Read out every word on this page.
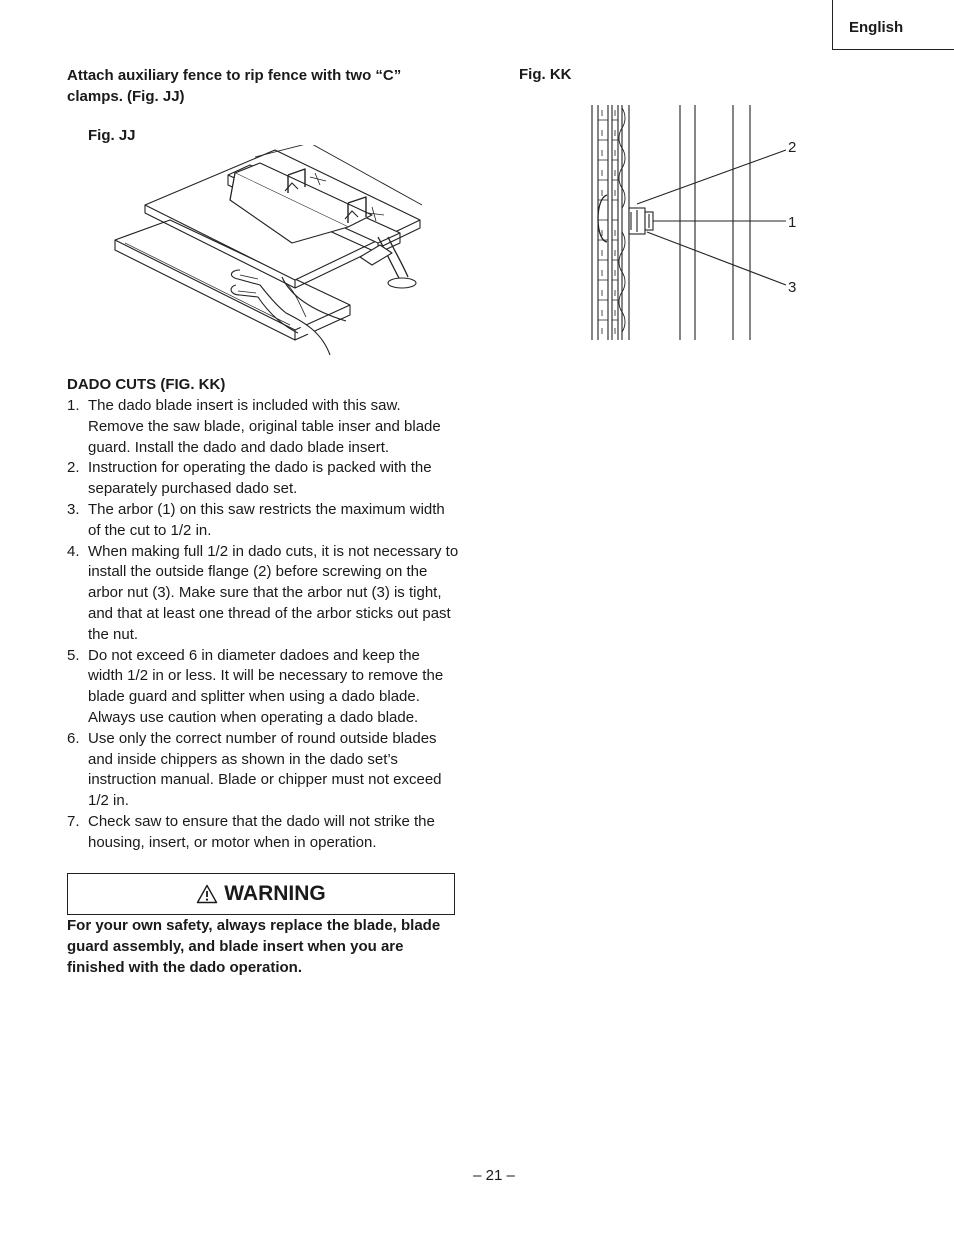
English
Attach auxiliary fence to rip fence with two “C” clamps. (Fig. JJ)
Fig. JJ
Fig. KK
2
1
3
DADO CUTS (FIG. KK)
1. The dado blade insert is included with this saw. Remove the saw blade, original table inser and blade guard. Install the dado and dado blade insert.
2. Instruction for operating the dado is packed with the separately purchased dado set.
3. The arbor (1) on this saw restricts the maximum width of the cut to 1/2 in.
4. When making full 1/2 in dado cuts, it is not necessary to install the outside flange (2) before screwing on the arbor nut (3). Make sure that the arbor nut (3) is tight, and that at least one thread of the arbor sticks out past the nut.
5. Do not exceed 6 in diameter dadoes and keep the width 1/2 in or less. It will be necessary to remove the blade guard and splitter when using a dado blade. Always use caution when operating a dado blade.
6. Use only the correct number of round outside blades and inside chippers as shown in the dado set’s instruction manual. Blade or chipper must not exceed 1/2 in.
7. Check saw to ensure that the dado will not strike the housing, insert, or motor when in operation.
WARNING
For your own safety, always replace the blade, blade guard assembly, and blade insert when you are finished with the dado operation.
– 21 –
